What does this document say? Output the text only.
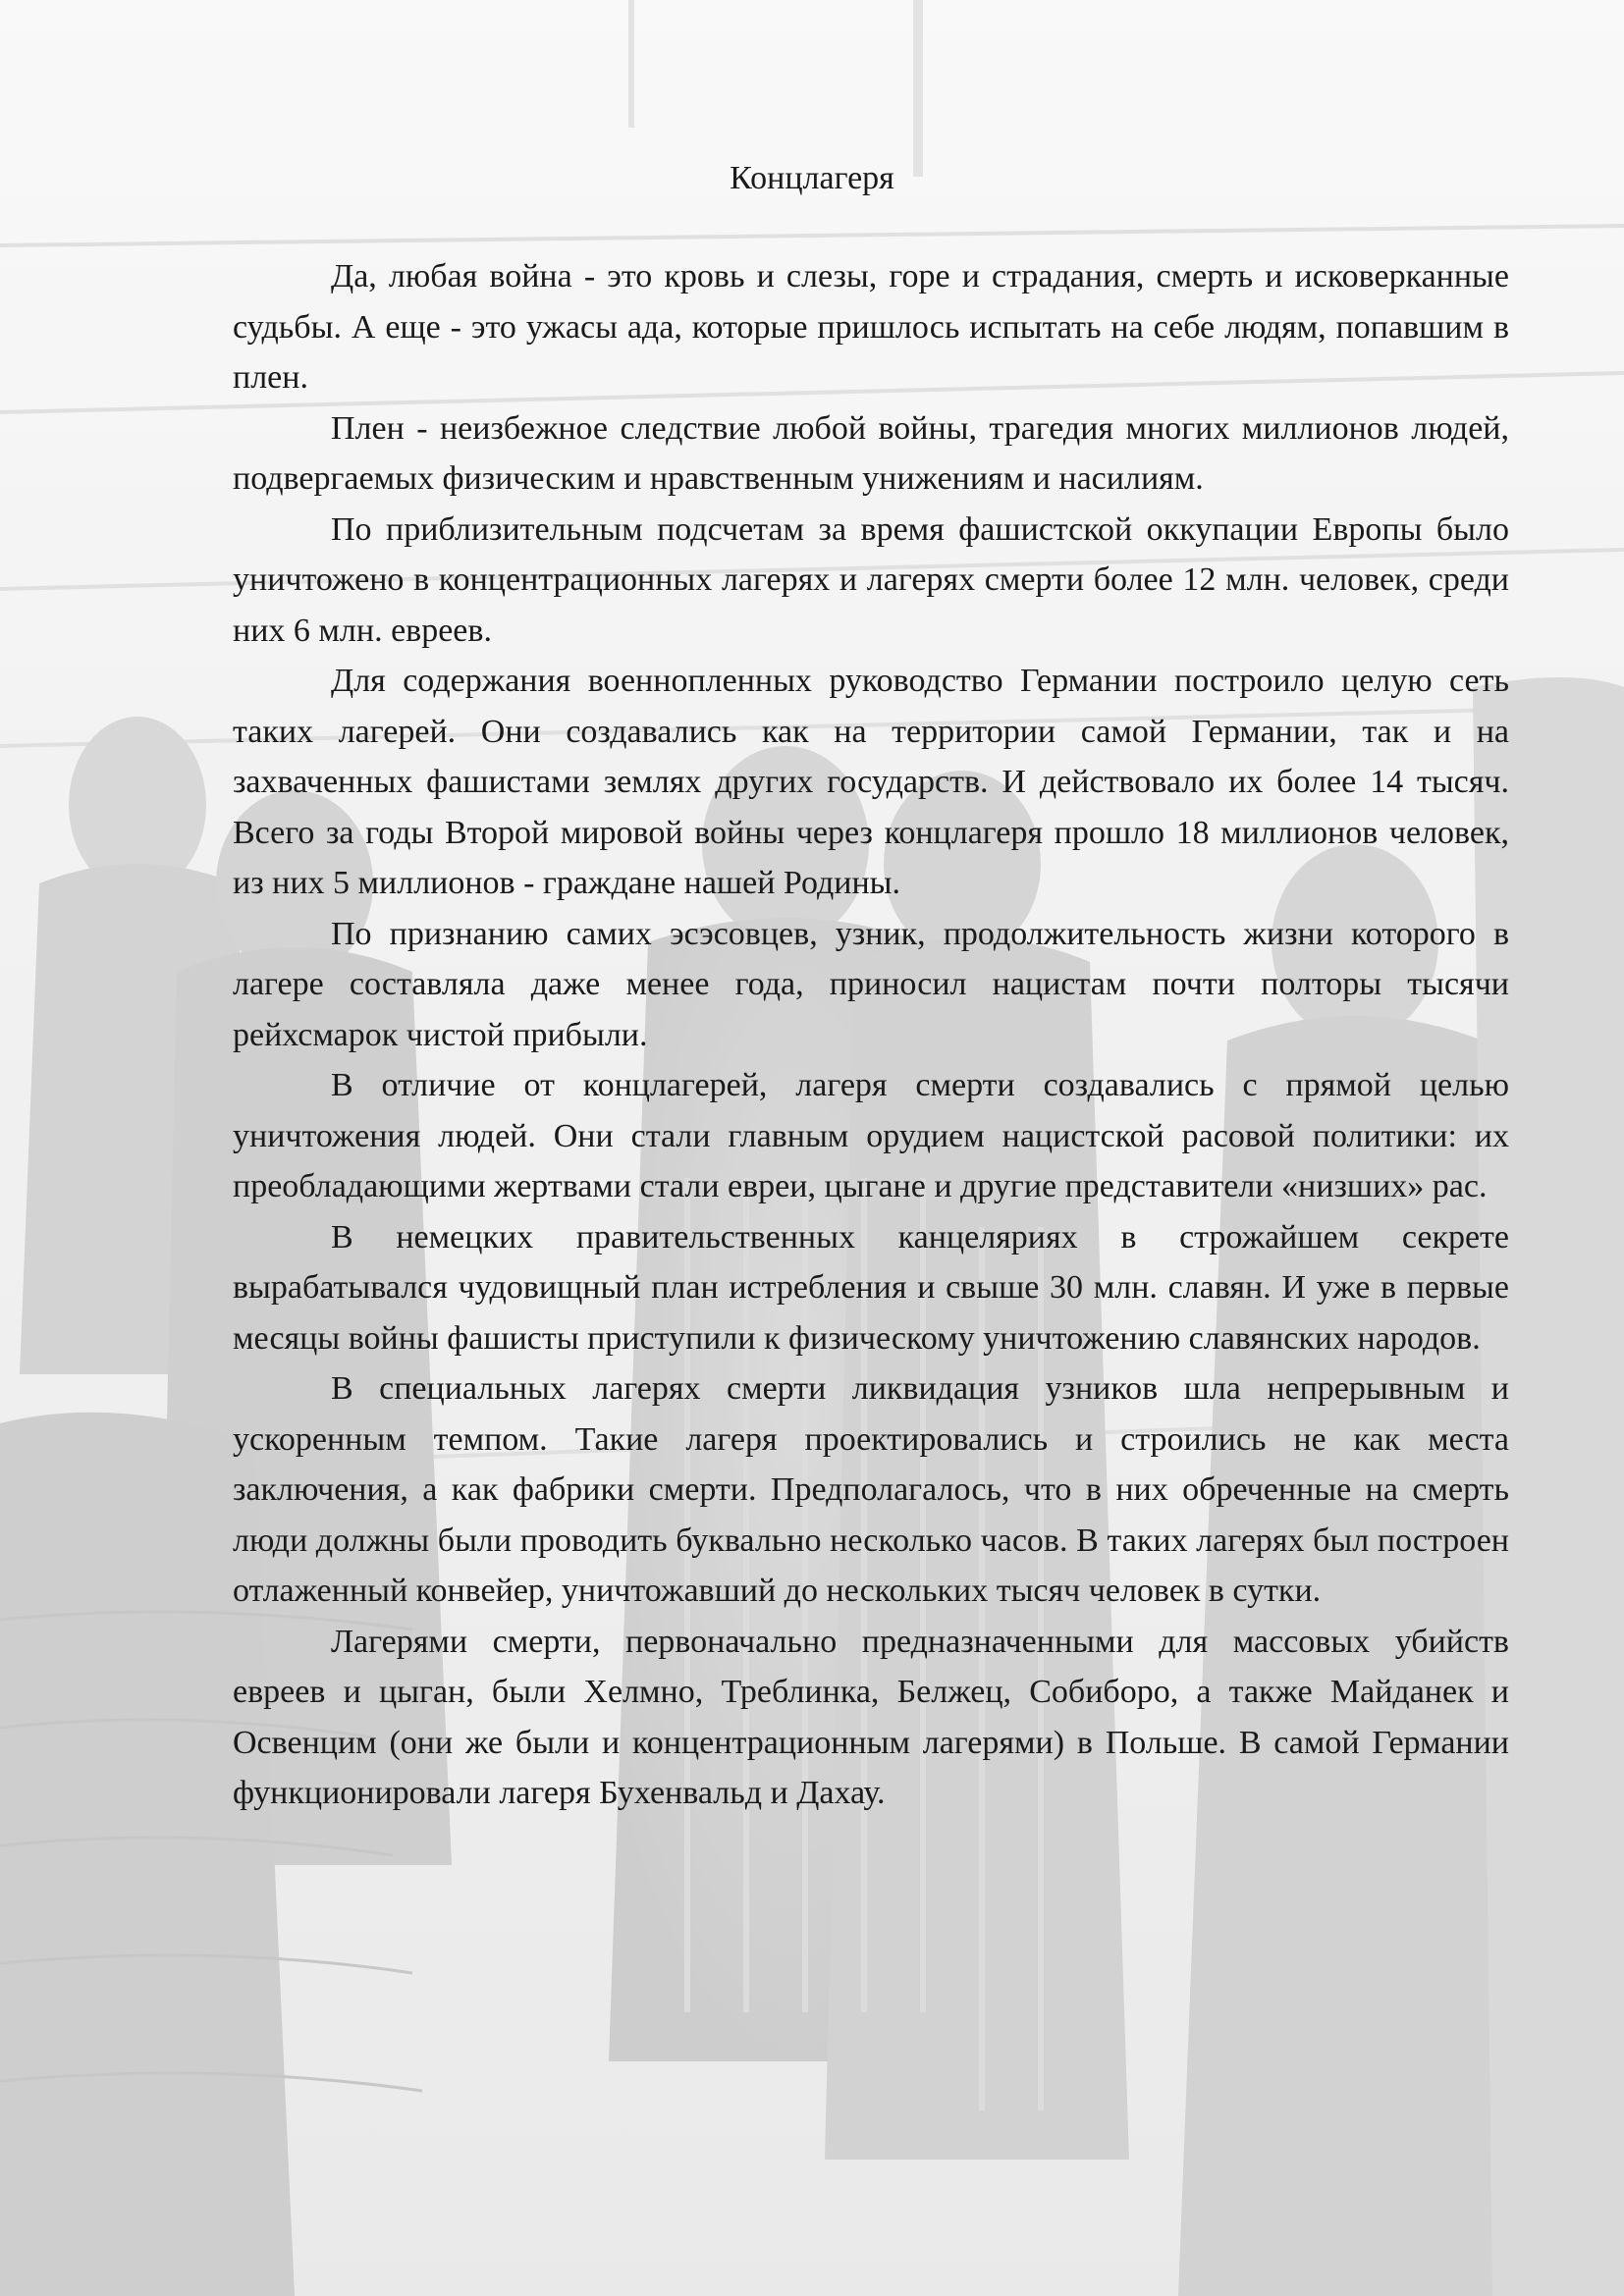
Концлагеря

Да, любая война - это кровь и слезы, горе и страдания, смерть и исковерканные судьбы. А еще - это ужасы ада, которые пришлось испытать на себе людям, попавшим в плен.

Плен - неизбежное следствие любой войны, трагедия многих миллионов людей, подвергаемых физическим и нравственным унижениям и насилиям.

По приблизительным подсчетам за время фашистской оккупации Европы было уничтожено в концентрационных лагерях и лагерях смерти более 12 млн. человек, среди них 6 млн. евреев.

Для содержания военнопленных руководство Германии построило целую сеть таких лагерей. Они создавались как на территории самой Германии, так и на захваченных фашистами землях других государств. И действовало их более 14 тысяч. Всего за годы Второй мировой войны через концлагеря прошло 18 миллионов человек, из них 5 миллионов - граждане нашей Родины.

По признанию самих эсэсовцев, узник, продолжительность жизни которого в лагере составляла даже менее года, приносил нацистам почти полторы тысячи рейхсмарок чистой прибыли.

В отличие от концлагерей, лагеря смерти создавались с прямой целью уничтожения людей. Они стали главным орудием нацистской расовой политики: их преобладающими жертвами стали евреи, цыгане и другие представители «низших» рас.

В немецких правительственных канцеляриях в строжайшем секрете вырабатывался чудовищный план истребления и свыше 30 млн. славян. И уже в первые месяцы войны фашисты приступили к физическому уничтожению славянских народов.

В специальных лагерях смерти ликвидация узников шла непрерывным и ускоренным темпом. Такие лагеря проектировались и строились не как места заключения, а как фабрики смерти. Предполагалось, что в них обреченные на смерть люди должны были проводить буквально несколько часов. В таких лагерях был построен отлаженный конвейер, уничтожавший до нескольких тысяч человек в сутки.

Лагерями смерти, первоначально предназначенными для массовых убийств евреев и цыган, были Хелмно, Треблинка, Белжец, Собиборо, а также Майданек и Освенцим (они же были и концентрационным лагерями) в Польше. В самой Германии функционировали лагеря Бухенвальд и Дахау.
